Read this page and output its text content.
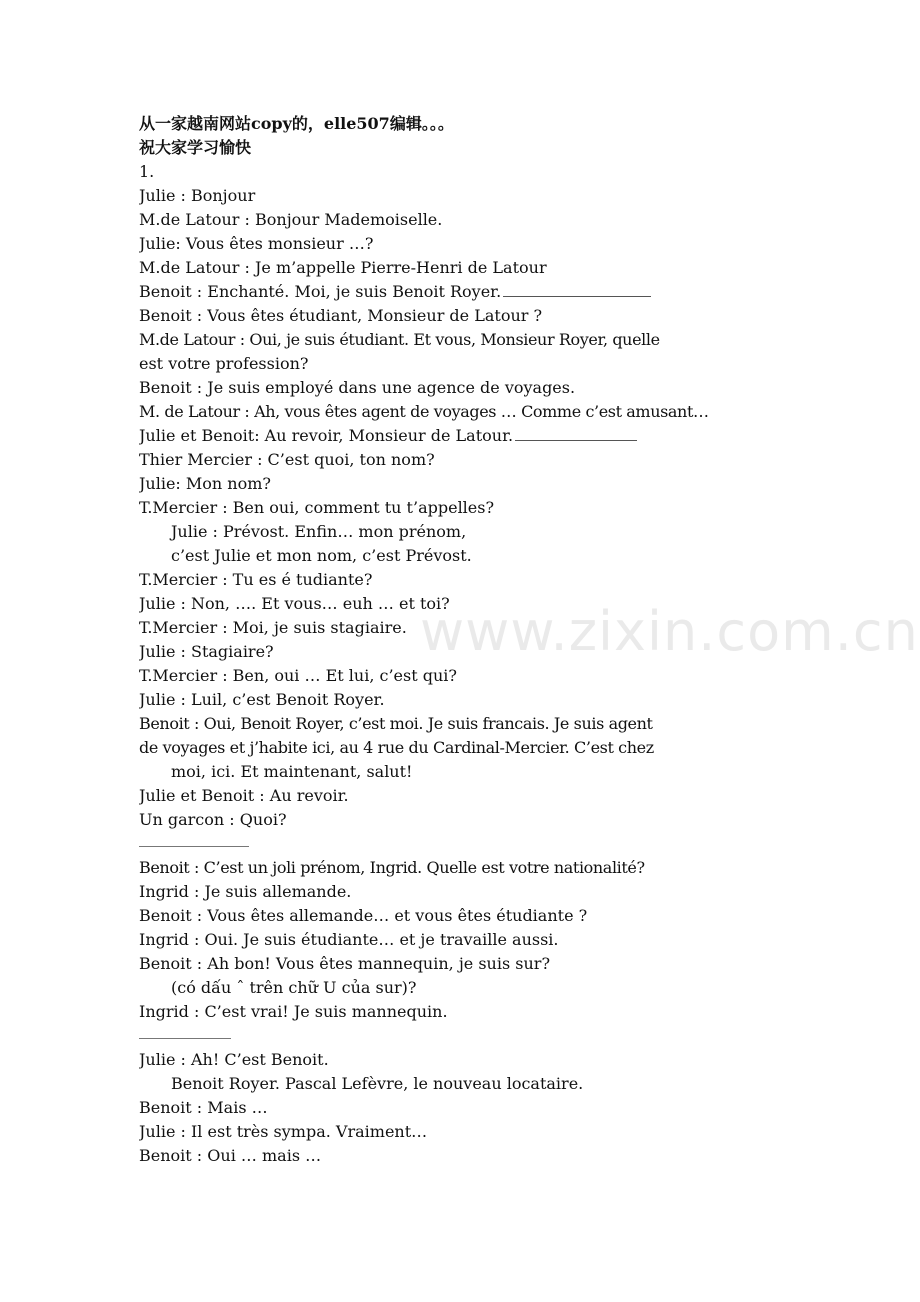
从一家越南网站copy的，elle507编辑。。。
祝大家学习愉快
1.
Julie : Bonjour
M.de Latour : Bonjour Mademoiselle.
Julie: Vous êtes monsieur …?
M.de Latour : Je m’appelle Pierre-Henri de Latour
Benoit : Enchanté. Moi, je suis Benoit Royer.
Benoit : Vous êtes étudiant, Monsieur de Latour ?
M.de Latour : Oui, je suis étudiant. Et vous, Monsieur Royer, quelle
est votre profession?
Benoit : Je suis employé dans une agence de voyages.
M. de Latour : Ah, vous êtes agent de voyages … Comme c’est amusant…
Julie et Benoit: Au revoir, Monsieur de Latour.
Thier Mercier : C’est quoi, ton nom?
Julie: Mon nom?
T.Mercier : Ben oui, comment tu t’appelles?
Julie : Prévost. Enfin… mon prénom,
c’est Julie et mon nom, c’est Prévost.
T.Mercier : Tu es é tudiante?
Julie : Non, …. Et vous… euh … et toi?
T.Mercier : Moi, je suis stagiaire.
Julie : Stagiaire?
T.Mercier : Ben, oui … Et lui, c’est qui?
Julie : Luil, c’est Benoit Royer.
Benoit : Oui, Benoit Royer, c’est moi. Je suis francais. Je suis agent
de voyages et j’habite ici, au 4 rue du Cardinal-Mercier. C’est chez
moi, ici. Et maintenant, salut!
Julie et Benoit : Au revoir.
Un garcon : Quoi?
Benoit : C’est un joli prénom, Ingrid. Quelle est votre nationalité?
Ingrid : Je suis allemande.
Benoit : Vous êtes allemande… et vous êtes étudiante ?
Ingrid : Oui. Je suis étudiante… et je travaille aussi.
Benoit : Ah bon! Vous êtes mannequin, je suis sur?
(có dấu ˆ trên chữ U của sur)?
Ingrid : C’est vrai! Je suis mannequin.
Julie : Ah! C’est Benoit.
Benoit Royer. Pascal Lefèvre, le nouveau locataire.
Benoit : Mais …
Julie : Il est très sympa. Vraiment…
Benoit : Oui … mais …
www.zixin.com.cn
